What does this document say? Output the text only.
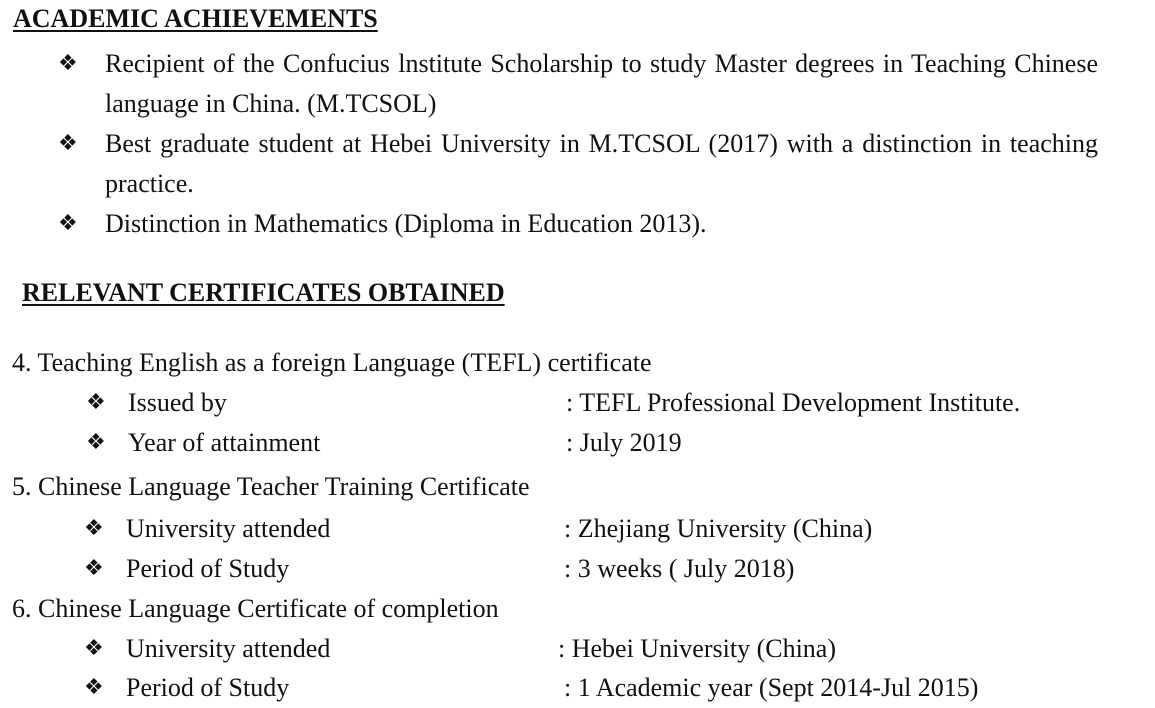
ACADEMIC ACHIEVEMENTS
❖ Recipient of the Confucius lnstitute Scholarship to study Master degrees in Teaching Chinese language in China. (M.TCSOL)
❖ Best graduate student at Hebei University in M.TCSOL (2017) with a distinction in teaching practice.
❖ Distinction in Mathematics (Diploma in Education 2013).
RELEVANT CERTIFICATES OBTAINED
4. Teaching English as a foreign Language (TEFL) certificate
❖ Issued by	: TEFL Professional Development Institute.
❖ Year of attainment	: July 2019
5. Chinese Language Teacher Training Certificate
❖ University attended	: Zhejiang University (China)
❖ Period of Study	: 3 weeks ( July 2018)
6. Chinese Language Certificate of completion
❖ University attended	: Hebei University (China)
❖ Period of Study	: 1 Academic year (Sept 2014-Jul 2015)
